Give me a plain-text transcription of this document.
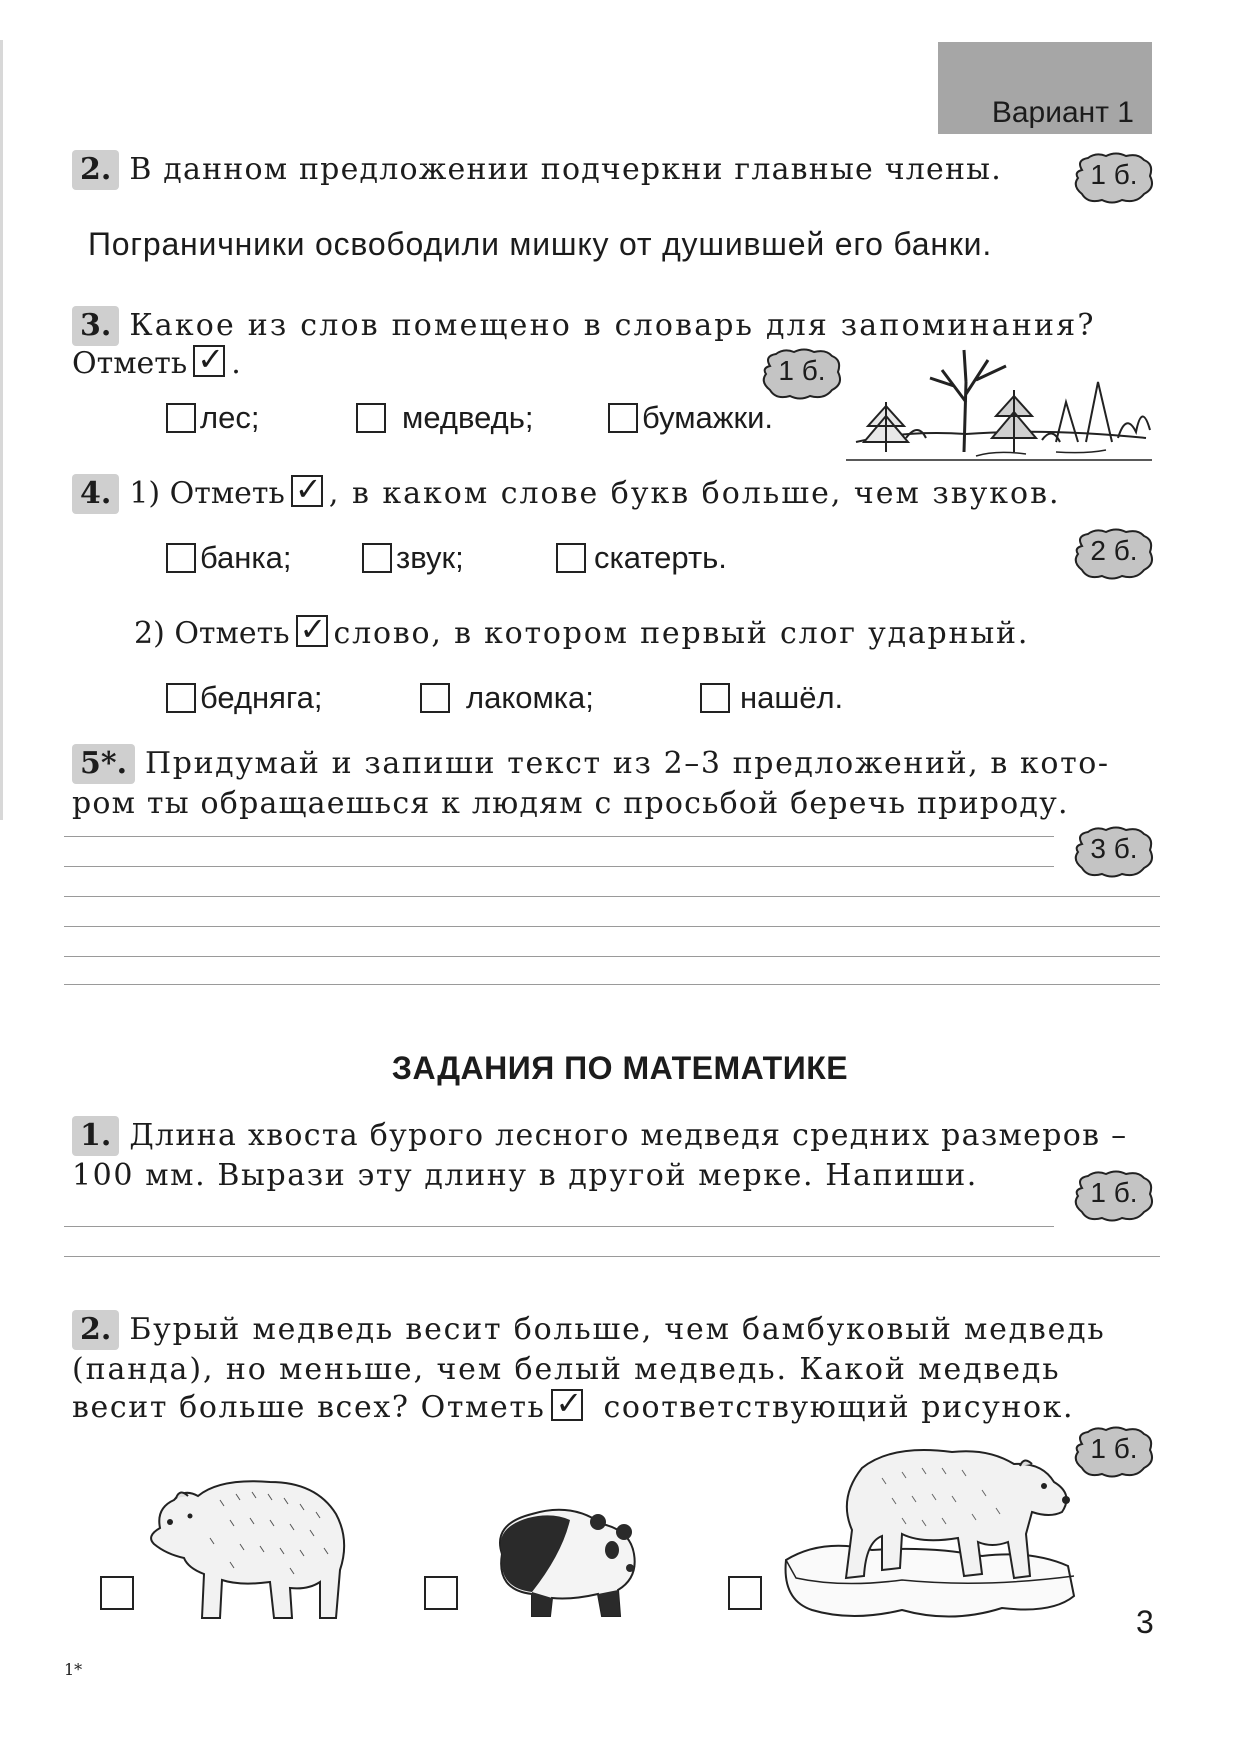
Вариант 1
2. В данном предложении подчеркни главные члены.	1 б.
Пограничники освободили мишку от душившей его банки.
3. Какое из слов помещено в словарь для запоминания?
Отметь ✓ .	1 б.
лес;	медведь;	бумажки.
4. 1) Отметь ✓ , в каком слове букв больше, чем звуков.
банка;	звук;	скатерть.	2 б.
2) Отметь ✓ слово, в котором первый слог ударный.
бедняга;	лакомка;	нашёл.
5*. Придумай и запиши текст из 2–3 предложений, в кото-
ром ты обращаешься к людям с просьбой беречь природу.
3 б.
ЗАДАНИЯ ПО МАТЕМАТИКЕ
1. Длина хвоста бурого лесного медведя средних размеров –
100 мм. Вырази эту длину в другой мерке. Напиши.	1 б.
2. Бурый медведь весит больше, чем бамбуковый медведь
(панда), но меньше, чем белый медведь. Какой медведь
весит больше всех? Отметь ✓ соответствующий рисунок.
1 б.
3
1*
